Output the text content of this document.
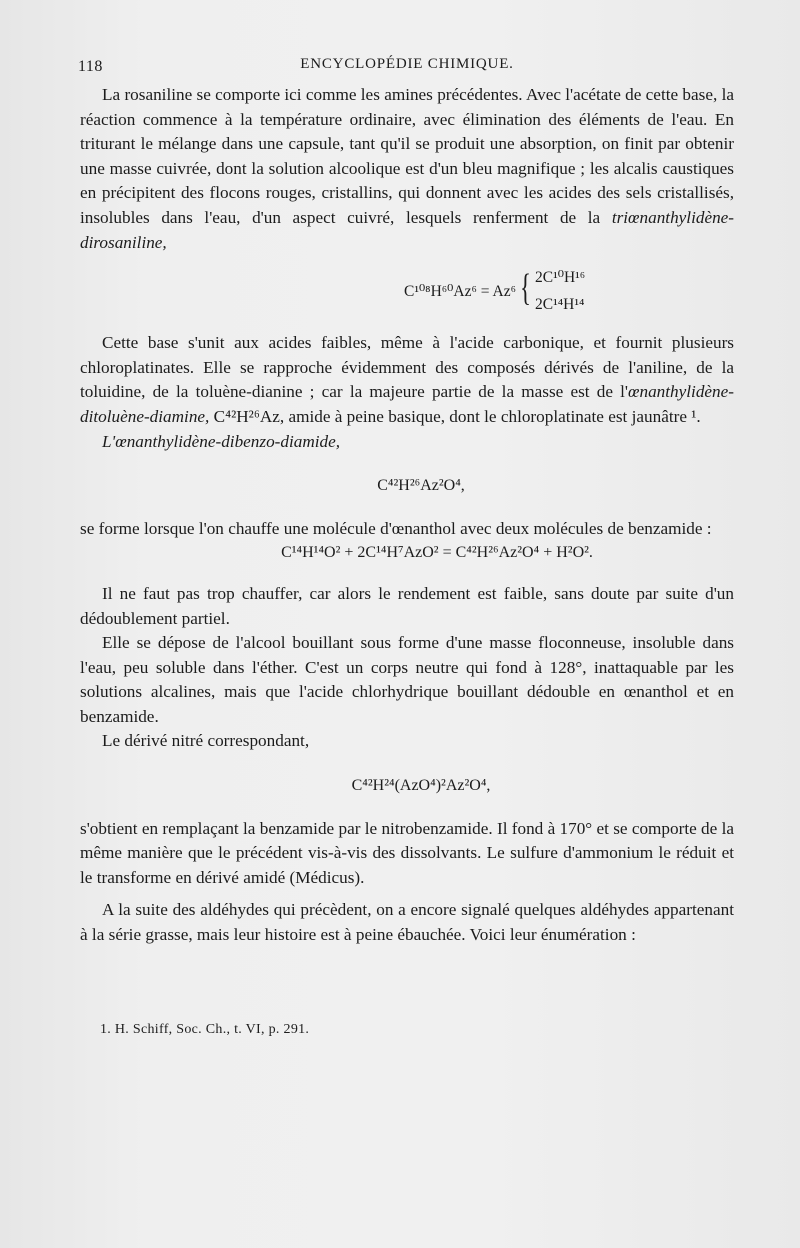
118	ENCYCLOPÉDIE CHIMIQUE.

La rosaniline se comporte ici comme les amines précédentes. Avec l'acétate de cette base, la réaction commence à la température ordinaire, avec élimination des éléments de l'eau. En triturant le mélange dans une capsule, tant qu'il se produit une absorption, on finit par obtenir une masse cuivrée, dont la solution alcoolique est d'un bleu magnifique ; les alcalis caustiques en précipitent des flocons rouges, cristallins, qui donnent avec les acides des sels cristallisés, insolubles dans l'eau, d'un aspect cuivré, lesquels renferment de la triœnanthylidène-dirosaniline,

C¹⁰⁸H⁶⁰Az⁶ = Az⁶ { 2C¹⁰H¹⁶
2C¹⁴H¹⁴

Cette base s'unit aux acides faibles, même à l'acide carbonique, et fournit plusieurs chloroplatinates. Elle se rapproche évidemment des composés dérivés de l'aniline, de la toluidine, de la toluène-dianine ; car la majeure partie de la masse est de l'œnanthylidène-ditoluène-diamine, C⁴²H²⁶Az, amide à peine basique, dont le chloroplatinate est jaunâtre ¹.

L'œnanthylidène-dibenzo-diamide,

C⁴²H²⁶Az²O⁴,

se forme lorsque l'on chauffe une molécule d'œnanthol avec deux molécules de benzamide :

C¹⁴H¹⁴O² + 2C¹⁴H⁷AzO² = C⁴²H²⁶Az²O⁴ + H²O².

Il ne faut pas trop chauffer, car alors le rendement est faible, sans doute par suite d'un dédoublement partiel.

Elle se dépose de l'alcool bouillant sous forme d'une masse floconneuse, insoluble dans l'eau, peu soluble dans l'éther. C'est un corps neutre qui fond à 128°, inattaquable par les solutions alcalines, mais que l'acide chlorhydrique bouillant dédouble en œnanthol et en benzamide.

Le dérivé nitré correspondant,

C⁴²H²⁴(AzO⁴)²Az²O⁴,

s'obtient en remplaçant la benzamide par le nitrobenzamide. Il fond à 170° et se comporte de la même manière que le précédent vis-à-vis des dissolvants. Le sulfure d'ammonium le réduit et le transforme en dérivé amidé (Médicus).

A la suite des aldéhydes qui précèdent, on a encore signalé quelques aldéhydes appartenant à la série grasse, mais leur histoire est à peine ébauchée. Voici leur énumération :

1. H. Schiff, Soc. Ch., t. VI, p. 291.
